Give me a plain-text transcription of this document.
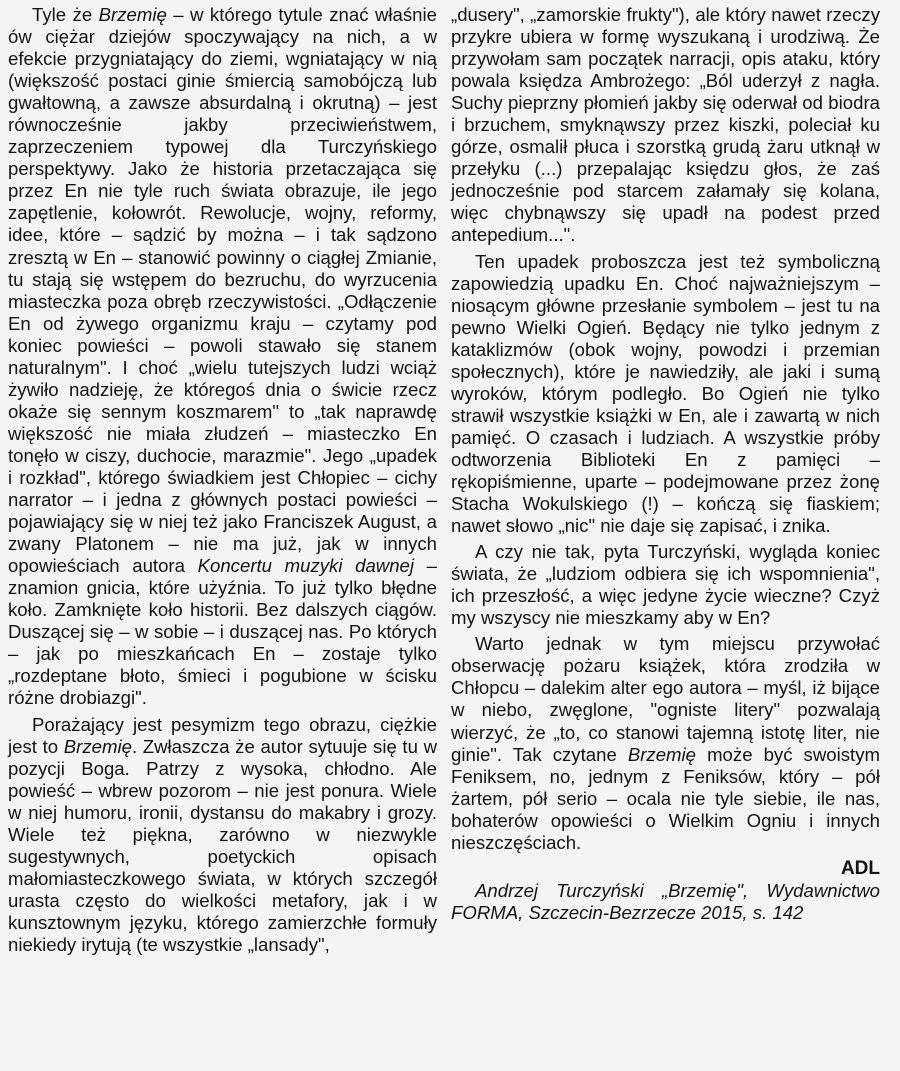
Tyle że Brzemię – w którego tytule znać właśnie ów ciężar dziejów spoczywający na nich, a w efekcie przygniatający do ziemi, wgniatający w nią (większość postaci ginie śmiercią samobójczą lub gwałtowną, a zawsze absurdalną i okrutną) – jest równocześnie jakby przeciwieństwem, zaprzeczeniem typowej dla Turczyńskiego perspektywy. Jako że historia przetaczająca się przez En nie tyle ruch świata obrazuje, ile jego zapętlenie, kołowrót. Rewolucje, wojny, reformy, idee, które – sądzić by można – i tak sądzono zresztą w En – stanowić powinny o ciągłej Zmianie, tu stają się wstępem do bezruchu, do wyrzucenia miasteczka poza obręb rzeczywistości. „Odłączenie En od żywego organizmu kraju – czytamy pod koniec powieści – powoli stawało się stanem naturalnym". I choć „wielu tutejszych ludzi wciąż żywiło nadzieję, że któregoś dnia o świcie rzecz okaże się sennym koszmarem" to „tak naprawdę większość nie miała złudzeń – miasteczko En tonęło w ciszy, duchocie, marazmie". Jego „upadek i rozkład", którego świadkiem jest Chłopiec – cichy narrator – i jedna z głównych postaci powieści – pojawiający się w niej też jako Franciszek August, a zwany Platonem – nie ma już, jak w innych opowieściach autora Koncertu muzyki dawnej – znamion gnicia, które użyźnia. To już tylko błędne koło. Zamknięte koło historii. Bez dalszych ciągów. Duszącej się – w sobie – i duszącej nas. Po których – jak po mieszkańcach En – zostaje tylko „rozdeptane błoto, śmieci i pogubione w ścisku różne drobiazgi".

Porażający jest pesymizm tego obrazu, ciężkie jest to Brzemię. Zwłaszcza że autor sytuuje się tu w pozycji Boga. Patrzy z wysoka, chłodno. Ale powieść – wbrew pozorom – nie jest ponura. Wiele w niej humoru, ironii, dystansu do makabry i grozy. Wiele też piękna, zarówno w niezwykle sugestywnych, poetyckich opisach małomiasteczkowego świata, w których szczegół urasta często do wielkości metafory, jak i w kunsztownym języku, którego zamierzchłe formuły niekiedy irytują (te wszystkie „lansady",

„dusery", „zamorskie frukty"), ale który nawet rzeczy przykre ubiera w formę wyszukaną i urodziwą. Że przywołam sam początek narracji, opis ataku, który powala księdza Ambrożego: „Ból uderzył z nagła. Suchy pieprzny płomień jakby się oderwał od biodra i brzuchem, smyknąwszy przez kiszki, poleciał ku górze, osmalił płuca i szorstką grudą żaru utknął w przełyku (...) przepalając księdzu głos, że zaś jednocześnie pod starcem załamały się kolana, więc chybnąwszy się upadł na podest przed antepedium...".

Ten upadek proboszcza jest też symboliczną zapowiedzią upadku En. Choć najważniejszym – niosącym główne przesłanie symbolem – jest tu na pewno Wielki Ogień. Będący nie tylko jednym z kataklizmów (obok wojny, powodzi i przemian społecznych), które je nawiedziły, ale jaki i sumą wyroków, którym podległo. Bo Ogień nie tylko strawił wszystkie książki w En, ale i zawartą w nich pamięć. O czasach i ludziach. A wszystkie próby odtworzenia Biblioteki En z pamięci – rękopiśmienne, uparte – podejmowane przez żonę Stacha Wokulskiego (!) – kończą się fiaskiem; nawet słowo „nic" nie daje się zapisać, i znika.

A czy nie tak, pyta Turczyński, wygląda koniec świata, że „ludziom odbiera się ich wspomnienia", ich przeszłość, a więc jedyne życie wieczne? Czyż my wszyscy nie mieszkamy aby w En?

Warto jednak w tym miejscu przywołać obserwację pożaru książek, która zrodziła w Chłopcu – dalekim alter ego autora – myśl, iż bijące w niebo, zwęglone, "ogniste litery" pozwalają wierzyć, że „to, co stanowi tajemną istotę liter, nie ginie". Tak czytane Brzemię może być swoistym Feniksem, no, jednym z Feniksów, który – pół żartem, pół serio – ocala nie tyle siebie, ile nas, bohaterów opowieści o Wielkim Ogniu i innych nieszczęściach.

ADL

Andrzej Turczyński „Brzemię", Wydawnictwo FORMA, Szczecin-Bezrzecze 2015, s. 142
